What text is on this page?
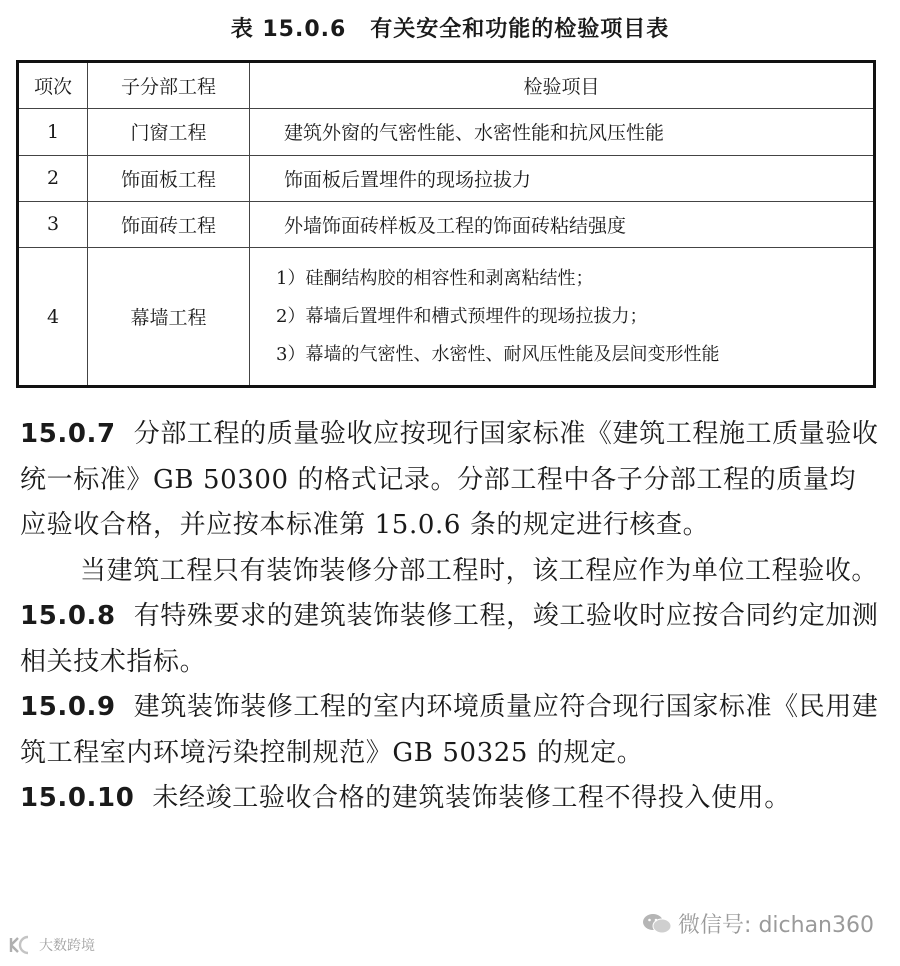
表 15.0.6 有关安全和功能的检验项目表
项次	子分部工程	检验项目
1	门窗工程	建筑外窗的气密性能、水密性能和抗风压性能
2	饰面板工程	饰面板后置埋件的现场拉拔力
3	饰面砖工程	外墙饰面砖样板及工程的饰面砖粘结强度
4	幕墙工程	1）硅酮结构胶的相容性和剥离粘结性；
2）幕墙后置埋件和槽式预埋件的现场拉拔力；
3）幕墙的气密性、水密性、耐风压性能及层间变形性能

15.0.7 分部工程的质量验收应按现行国家标准《建筑工程施工质量验收统一标准》GB 50300 的格式记录。分部工程中各子分部工程的质量均应验收合格，并应按本标准第 15.0.6 条的规定进行核查。

当建筑工程只有装饰装修分部工程时，该工程应作为单位工程验收。

15.0.8 有特殊要求的建筑装饰装修工程，竣工验收时应按合同约定加测相关技术指标。

15.0.9 建筑装饰装修工程的室内环境质量应符合现行国家标准《民用建筑工程室内环境污染控制规范》GB 50325 的规定。

15.0.10 未经竣工验收合格的建筑装饰装修工程不得投入使用。

微信号: dichan360
大数跨境
